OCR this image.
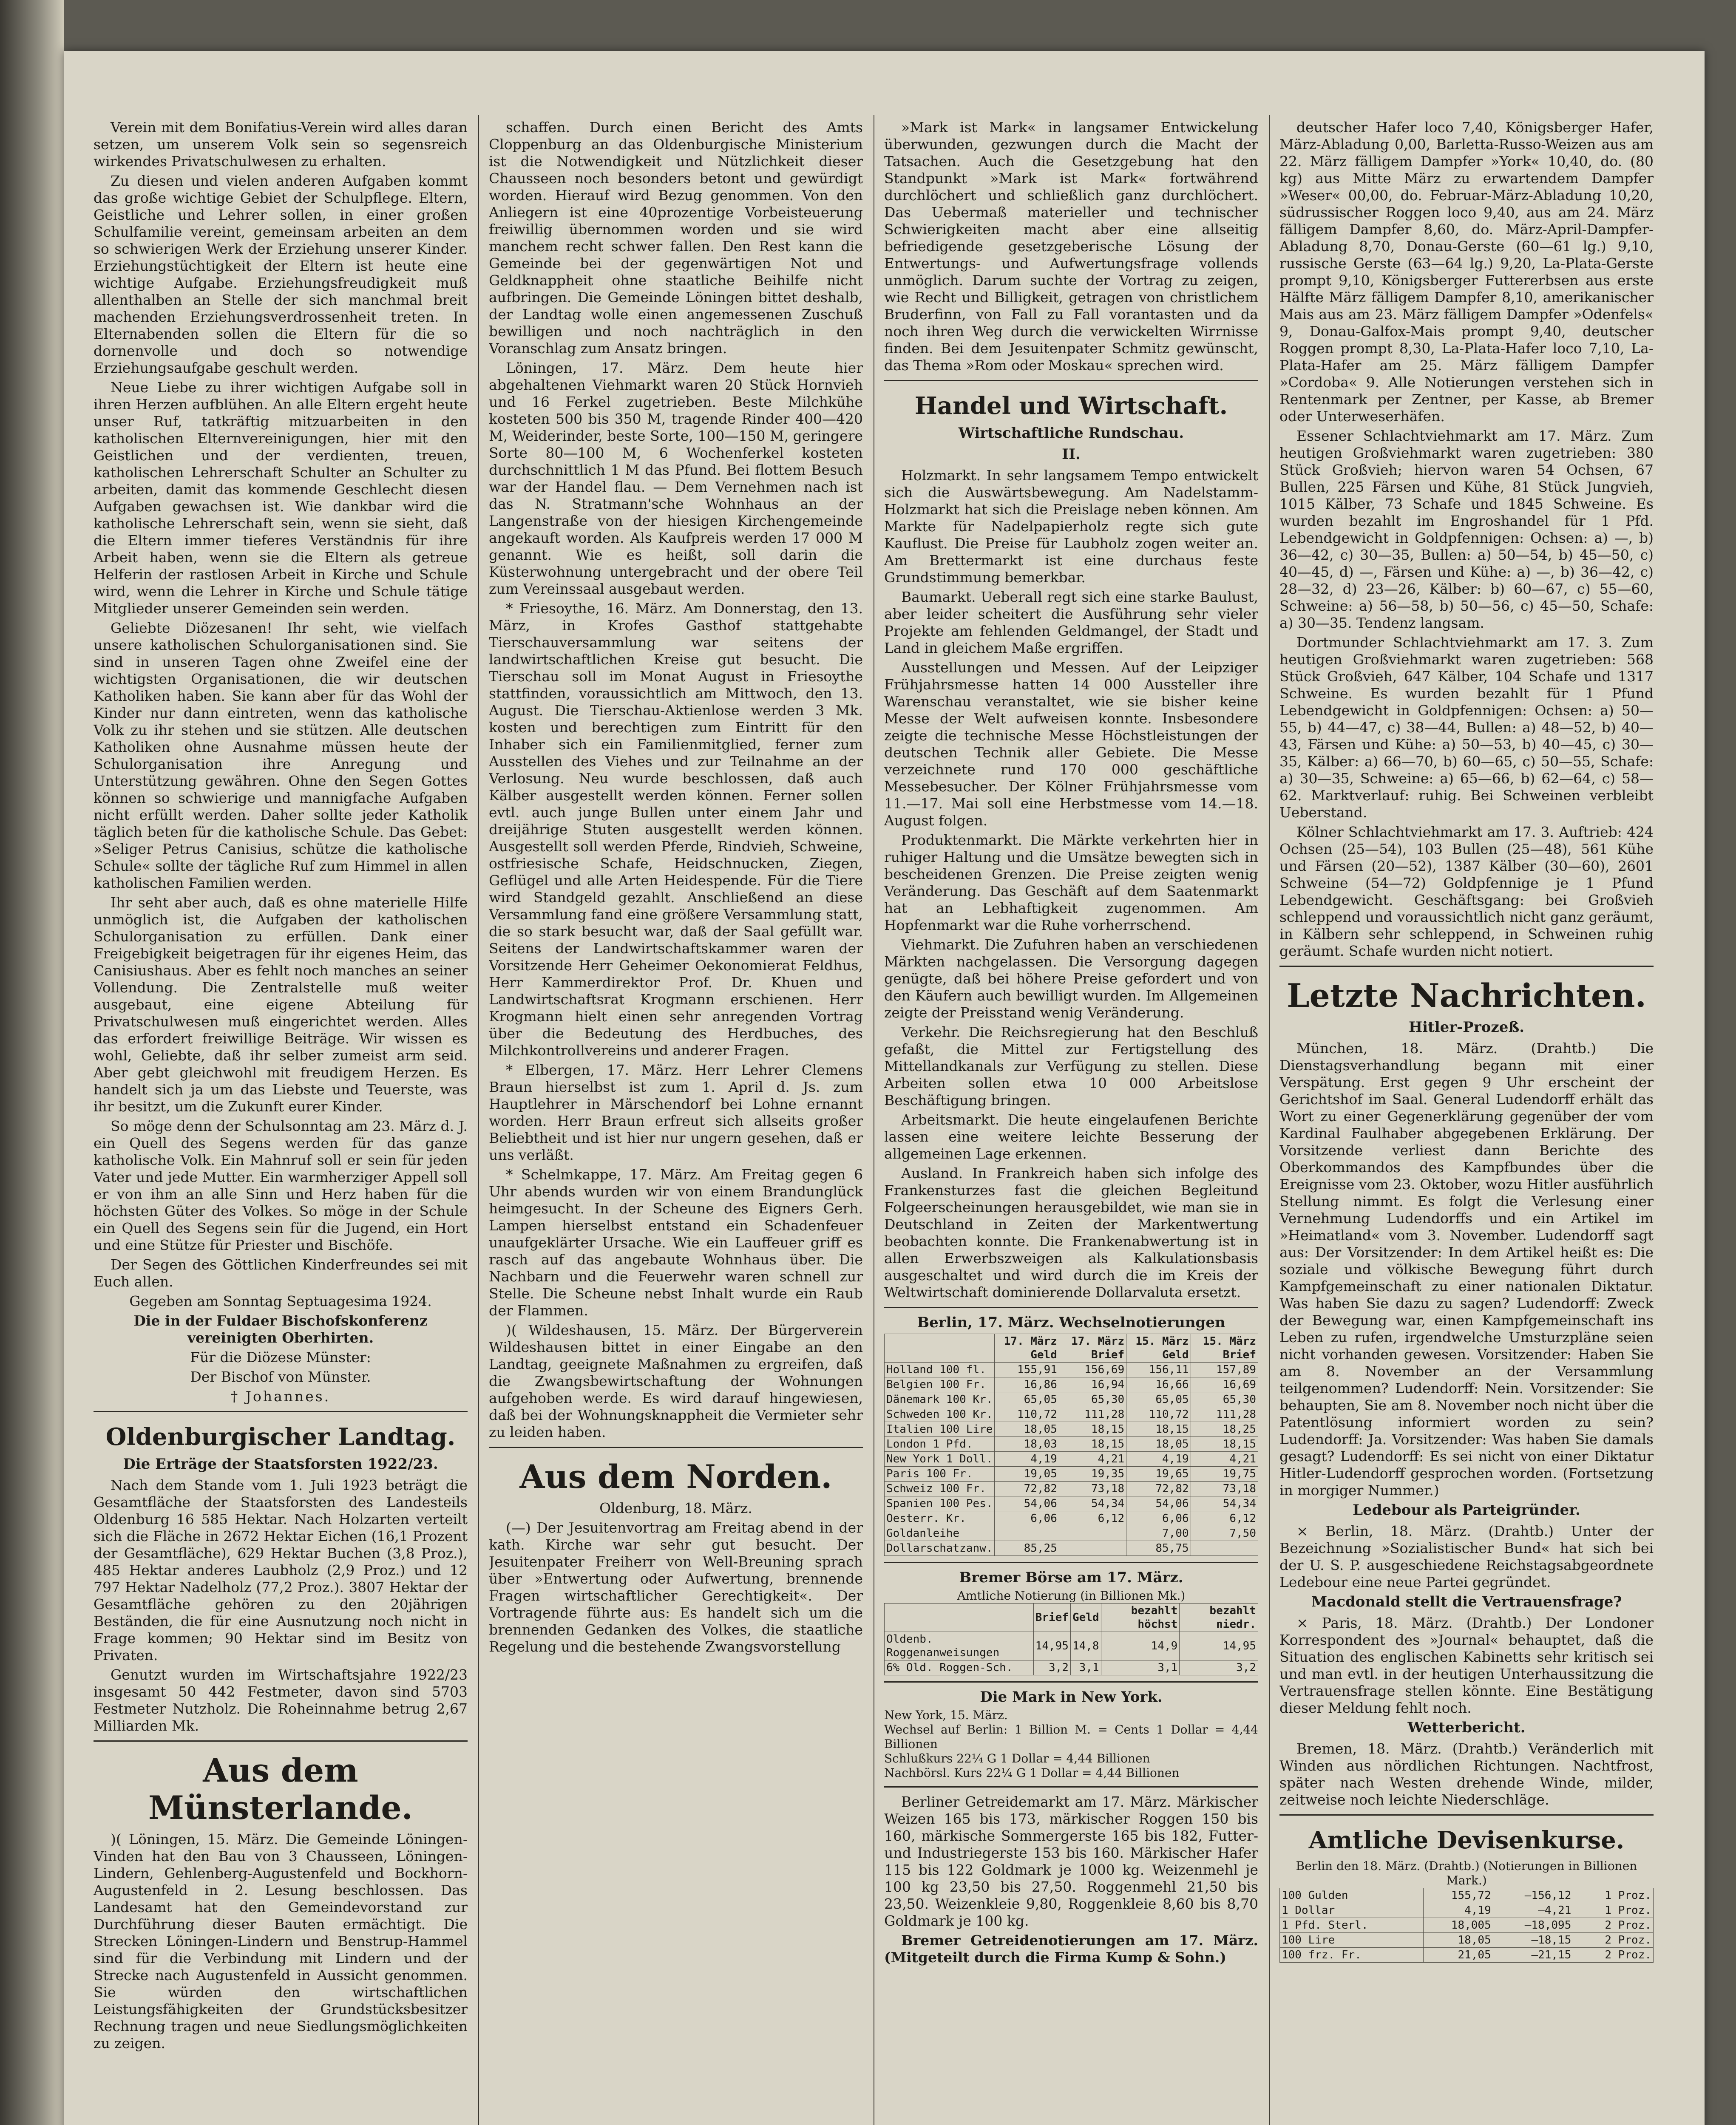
Verein mit dem Bonifatius-Verein wird alles daran setzen, um unserem Volk sein so segensreich wirkendes Privatschulwesen zu erhalten.

Zu diesen und vielen anderen Aufgaben kommt das große wichtige Gebiet der Schulpflege. Eltern, Geistliche und Lehrer sollen, in einer großen Schulfamilie vereint, gemeinsam arbeiten an dem so schwierigen Werk der Erziehung unserer Kinder. Erziehungstüchtigkeit der Eltern ist heute eine wichtige Aufgabe. Erziehungsfreudigkeit muß allenthalben an Stelle der sich manchmal breit machenden Erziehungsverdrossenheit treten. In Elternabenden sollen die Eltern für die so dornenvolle und doch so notwendige Erziehungsaufgabe geschult werden.

Neue Liebe zu ihrer wichtigen Aufgabe soll in ihren Herzen aufblühen. An alle Eltern ergeht heute unser Ruf, tatkräftig mitzuarbeiten in den katholischen Elternvereinigungen, hier mit den Geistlichen und der verdienten, treuen, katholischen Lehrerschaft Schulter an Schulter zu arbeiten, damit das kommende Geschlecht diesen Aufgaben gewachsen ist. Wie dankbar wird die katholische Lehrerschaft sein, wenn sie sieht, daß die Eltern immer tieferes Verständnis für ihre Arbeit haben, wenn sie die Eltern als getreue Helferin der rastlosen Arbeit in Kirche und Schule wird, wenn die Lehrer in Kirche und Schule tätige Mitglieder unserer Gemeinden sein werden.

Geliebte Diözesanen! Ihr seht, wie vielfach unsere katholischen Schulorganisationen sind. Sie sind in unseren Tagen ohne Zweifel eine der wichtigsten Organisationen, die wir deutschen Katholiken haben. Sie kann aber für das Wohl der Kinder nur dann eintreten, wenn das katholische Volk zu ihr stehen und sie stützen. Alle deutschen Katholiken ohne Ausnahme müssen heute der Schulorganisation ihre Anregung und Unterstützung gewähren. Ohne den Segen Gottes können so schwierige und mannigfache Aufgaben nicht erfüllt werden. Daher sollte jeder Katholik täglich beten für die katholische Schule. Das Gebet: »Seliger Petrus Canisius, schütze die katholische Schule« sollte der tägliche Ruf zum Himmel in allen katholischen Familien werden.

Ihr seht aber auch, daß es ohne materielle Hilfe unmöglich ist, die Aufgaben der katholischen Schulorganisation zu erfüllen. Dank einer Freigebigkeit beigetragen für ihr eigenes Heim, das Canisiushaus. Aber es fehlt noch manches an seiner Vollendung. Die Zentralstelle muß weiter ausgebaut, eine eigene Abteilung für Privatschulwesen muß eingerichtet werden. Alles das erfordert freiwillige Beiträge. Wir wissen es wohl, Geliebte, daß ihr selber zumeist arm seid. Aber gebt gleichwohl mit freudigem Herzen. Es handelt sich ja um das Liebste und Teuerste, was ihr besitzt, um die Zukunft eurer Kinder.

So möge denn der Schulsonntag am 23. März d. J. ein Quell des Segens werden für das ganze katholische Volk. Ein Mahnruf soll er sein für jeden Vater und jede Mutter. Ein warmherziger Appell soll er von ihm an alle Sinn und Herz haben für die höchsten Güter des Volkes. So möge in der Schule ein Quell des Segens sein für die Jugend, ein Hort und eine Stütze für Priester und Bischöfe.

Der Segen des Göttlichen Kinderfreundes sei mit Euch allen.

Gegeben am Sonntag Septuagesima 1924.

Die in der Fuldaer Bischofskonferenz vereinigten Oberhirten.

Für die Diözese Münster:

Der Bischof von Münster.

† Johannes.

Oldenburgischer Landtag.
Die Erträge der Staatsforsten 1922/23.

Nach dem Stande vom 1. Juli 1923 beträgt die Gesamtfläche der Staatsforsten des Landesteils Oldenburg 16 585 Hektar. Nach Holzarten verteilt sich die Fläche in 2672 Hektar Eichen (16,1 Prozent der Gesamtfläche), 629 Hektar Buchen (3,8 Proz.), 485 Hektar anderes Laubholz (2,9 Proz.) und 12 797 Hektar Nadelholz (77,2 Proz.). 3807 Hektar der Gesamtfläche gehören zu den 20jährigen Beständen, die für eine Ausnutzung noch nicht in Frage kommen; 90 Hektar sind im Besitz von Privaten.

Genutzt wurden im Wirtschaftsjahre 1922/23 insgesamt 50 442 Festmeter, davon sind 5703 Festmeter Nutzholz. Die Roheinnahme betrug 2,67 Milliarden Mk.

Aus dem Münsterlande.

)( Löningen, 15. März. Die Gemeinde Löningen-Vinden hat den Bau von 3 Chausseen, Löningen-Lindern, Gehlenberg-Augustenfeld und Bockhorn-Augustenfeld in 2. Lesung beschlossen. Das Landesamt hat den Gemeindevorstand zur Durchführung dieser Bauten ermächtigt. Die Strecken Löningen-Lindern und Benstrup-Hammel sind für die Verbindung mit Lindern und der Strecke nach Augustenfeld in Aussicht genommen. Sie würden den wirtschaftlichen Leistungsfähigkeiten der Grundstücksbesitzer Rechnung tragen und neue Siedlungsmöglichkeiten zu zeigen.

schaffen. Durch einen Bericht des Amts Cloppenburg an das Oldenburgische Ministerium ist die Notwendigkeit und Nützlichkeit dieser Chausseen noch besonders betont und gewürdigt worden. Hierauf wird Bezug genommen. Von den Anliegern ist eine 40prozentige Vorbeisteuerung freiwillig übernommen worden und sie wird manchem recht schwer fallen. Den Rest kann die Gemeinde bei der gegenwärtigen Not und Geldknappheit ohne staatliche Beihilfe nicht aufbringen. Die Gemeinde Löningen bittet deshalb, der Landtag wolle einen angemessenen Zuschuß bewilligen und noch nachträglich in den Voranschlag zum Ansatz bringen.

Löningen, 17. März. Dem heute hier abgehaltenen Viehmarkt waren 20 Stück Hornvieh und 16 Ferkel zugetrieben. Beste Milchkühe kosteten 500 bis 350 M, tragende Rinder 400—420 M, Weiderinder, beste Sorte, 100—150 M, geringere Sorte 80—100 M, 6 Wochenferkel kosteten durchschnittlich 1 M das Pfund. Bei flottem Besuch war der Handel flau. — Dem Vernehmen nach ist das N. Stratmann'sche Wohnhaus an der Langenstraße von der hiesigen Kirchengemeinde angekauft worden. Als Kaufpreis werden 17 000 M genannt. Wie es heißt, soll darin die Küsterwohnung untergebracht und der obere Teil zum Vereinssaal ausgebaut werden.

* Friesoythe, 16. März. Am Donnerstag, den 13. März, in Krofes Gasthof stattgehabte Tierschauversammlung war seitens der landwirtschaftlichen Kreise gut besucht. Die Tierschau soll im Monat August in Friesoythe stattfinden, voraussichtlich am Mittwoch, den 13. August. Die Tierschau-Aktienlose werden 3 Mk. kosten und berechtigen zum Eintritt für den Inhaber sich ein Familienmitglied, ferner zum Ausstellen des Viehes und zur Teilnahme an der Verlosung. Neu wurde beschlossen, daß auch Kälber ausgestellt werden können. Ferner sollen evtl. auch junge Bullen unter einem Jahr und dreijährige Stuten ausgestellt werden können. Ausgestellt soll werden Pferde, Rindvieh, Schweine, ostfriesische Schafe, Heidschnucken, Ziegen, Geflügel und alle Arten Heidespende. Für die Tiere wird Standgeld gezahlt. Anschließend an diese Versammlung fand eine größere Versammlung statt, die so stark besucht war, daß der Saal gefüllt war. Seitens der Landwirtschaftskammer waren der Vorsitzende Herr Geheimer Oekonomierat Feldhus, Herr Kammerdirektor Prof. Dr. Khuen und Landwirtschaftsrat Krogmann erschienen. Herr Krogmann hielt einen sehr anregenden Vortrag über die Bedeutung des Herdbuches, des Milchkontrollvereins und anderer Fragen.

* Elbergen, 17. März. Herr Lehrer Clemens Braun hierselbst ist zum 1. April d. Js. zum Hauptlehrer in Märschendorf bei Lohne ernannt worden. Herr Braun erfreut sich allseits großer Beliebtheit und ist hier nur ungern gesehen, daß er uns verläßt.

* Schelmkappe, 17. März. Am Freitag gegen 6 Uhr abends wurden wir von einem Brandunglück heimgesucht. In der Scheune des Eigners Gerh. Lampen hierselbst entstand ein Schadenfeuer unaufgeklärter Ursache. Wie ein Lauffeuer griff es rasch auf das angebaute Wohnhaus über. Die Nachbarn und die Feuerwehr waren schnell zur Stelle. Die Scheune nebst Inhalt wurde ein Raub der Flammen.

)( Wildeshausen, 15. März. Der Bürgerverein Wildeshausen bittet in einer Eingabe an den Landtag, geeignete Maßnahmen zu ergreifen, daß die Zwangsbewirtschaftung der Wohnungen aufgehoben werde. Es wird darauf hingewiesen, daß bei der Wohnungsknappheit die Vermieter sehr zu leiden haben.

Aus dem Norden.

Oldenburg, 18. März.

(—) Der Jesuitenvortrag am Freitag abend in der kath. Kirche war sehr gut besucht. Der Jesuitenpater Freiherr von Well-Breuning sprach über »Entwertung oder Aufwertung, brennende Fragen wirtschaftlicher Gerechtigkeit«. Der Vortragende führte aus: Es handelt sich um die brennenden Gedanken des Volkes, die staatliche Regelung und die bestehende Zwangsvorstellung

»Mark ist Mark« in langsamer Entwickelung überwunden, gezwungen durch die Macht der Tatsachen. Auch die Gesetzgebung hat den Standpunkt »Mark ist Mark« fortwährend durchlöchert und schließlich ganz durchlöchert. Das Uebermaß materieller und technischer Schwierigkeiten macht aber eine allseitig befriedigende gesetzgeberische Lösung der Entwertungs- und Aufwertungsfrage vollends unmöglich. Darum suchte der Vortrag zu zeigen, wie Recht und Billigkeit, getragen von christlichem Bruderfinn, von Fall zu Fall vorantasten und da noch ihren Weg durch die verwickelten Wirrnisse finden. Bei dem Jesuitenpater Schmitz gewünscht, das Thema »Rom oder Moskau« sprechen wird.

Handel und Wirtschaft.
Wirtschaftliche Rundschau.
II.

Holzmarkt. In sehr langsamem Tempo entwickelt sich die Auswärtsbewegung. Am Nadelstamm-Holzmarkt hat sich die Preislage neben können. Am Markte für Nadelpapierholz regte sich gute Kauflust. Die Preise für Laubholz zogen weiter an. Am Brettermarkt ist eine durchaus feste Grundstimmung bemerkbar.

Baumarkt. Ueberall regt sich eine starke Baulust, aber leider scheitert die Ausführung sehr vieler Projekte am fehlenden Geldmangel, der Stadt und Land in gleichem Maße ergriffen.

Ausstellungen und Messen. Auf der Leipziger Frühjahrsmesse hatten 14 000 Aussteller ihre Warenschau veranstaltet, wie sie bisher keine Messe der Welt aufweisen konnte. Insbesondere zeigte die technische Messe Höchstleistungen der deutschen Technik aller Gebiete. Die Messe verzeichnete rund 170 000 geschäftliche Messebesucher. Der Kölner Frühjahrsmesse vom 11.—17. Mai soll eine Herbstmesse vom 14.—18. August folgen.

Produktenmarkt. Die Märkte verkehrten hier in ruhiger Haltung und die Umsätze bewegten sich in bescheidenen Grenzen. Die Preise zeigten wenig Veränderung. Das Geschäft auf dem Saatenmarkt hat an Lebhaftigkeit zugenommen. Am Hopfenmarkt war die Ruhe vorherrschend.

Viehmarkt. Die Zufuhren haben an verschiedenen Märkten nachgelassen. Die Versorgung dagegen genügte, daß bei höhere Preise gefordert und von den Käufern auch bewilligt wurden. Im Allgemeinen zeigte der Preisstand wenig Veränderung.

Verkehr. Die Reichsregierung hat den Beschluß gefaßt, die Mittel zur Fertigstellung des Mittellandkanals zur Verfügung zu stellen. Diese Arbeiten sollen etwa 10 000 Arbeitslose Beschäftigung bringen.

Arbeitsmarkt. Die heute eingelaufenen Berichte lassen eine weitere leichte Besserung der allgemeinen Lage erkennen.

Ausland. In Frankreich haben sich infolge des Frankensturzes fast die gleichen Begleitund Folgeerscheinungen herausgebildet, wie man sie in Deutschland in Zeiten der Markentwertung beobachten konnte. Die Frankenabwertung ist in allen Erwerbszweigen als Kalkulationsbasis ausgeschaltet und wird durch die im Kreis der Weltwirtschaft dominierende Dollarvaluta ersetzt.

Berlin, 17. März. Wechselnotierungen
	17. März Geld	17. März Brief	15. März Geld	15. März Brief
Holland 100 fl.	155,91	156,69	156,11	157,89
Belgien 100 Fr.	16,86	16,94	16,66	16,69
Dänemark 100 Kr.	65,05	65,30	65,05	65,30
Schweden 100 Kr.	110,72	111,28	110,72	111,28
Italien 100 Lire	18,05	18,15	18,15	18,25
London 1 Pfd.	18,03	18,15	18,05	18,15
New York 1 Doll.	4,19	4,21	4,19	4,21
Paris 100 Fr.	19,05	19,35	19,65	19,75
Schweiz 100 Fr.	72,82	73,18	72,82	73,18
Spanien 100 Pes.	54,06	54,34	54,06	54,34
Oesterr. Kr.	6,06	6,12	6,06	6,12
Goldanleihe			7,00	7,50
Dollarschatzanw.	85,25		85,75	
Bremer Börse am 17. März.
Amtliche Notierung (in Billionen Mk.)
	Brief	Geld	bezahlt höchst	bezahlt niedr.
Oldenb. Roggenanweisungen	14,95	14,8	14,9	14,95
6% Old. Roggen-Sch.	3,2	3,1	3,1	3,2
Die Mark in New York.
New York, 15. März.
Wechsel auf Berlin: 1 Billion M. = Cents 1 Dollar = 4,44 Billionen
Schlußkurs 22¼ G 1 Dollar = 4,44 Billionen
Nachbörsl. Kurs 22¼ G 1 Dollar = 4,44 Billionen

Berliner Getreidemarkt am 17. März. Märkischer Weizen 165 bis 173, märkischer Roggen 150 bis 160, märkische Sommergerste 165 bis 182, Futter- und Industriegerste 153 bis 160. Märkischer Hafer 115 bis 122 Goldmark je 1000 kg. Weizenmehl je 100 kg 23,50 bis 27,50. Roggenmehl 21,50 bis 23,50. Weizenkleie 9,80, Roggenkleie 8,60 bis 8,70 Goldmark je 100 kg.

Bremer Getreidenotierungen am 17. März. (Mitgeteilt durch die Firma Kump & Sohn.)

deutscher Hafer loco 7,40, Königsberger Hafer, März-Abladung 0,00, Barletta-Russo-Weizen aus am 22. März fälligem Dampfer »York« 10,40, do. (80 kg) aus Mitte März zu erwartendem Dampfer »Weser« 00,00, do. Februar-März-Abladung 10,20, südrussischer Roggen loco 9,40, aus am 24. März fälligem Dampfer 8,60, do. März-April-Dampfer-Abladung 8,70, Donau-Gerste (60—61 lg.) 9,10, russische Gerste (63—64 lg.) 9,20, La-Plata-Gerste prompt 9,10, Königsberger Futtererbsen aus erste Hälfte März fälligem Dampfer 8,10, amerikanischer Mais aus am 23. März fälligem Dampfer »Odenfels« 9, Donau-Galfox-Mais prompt 9,40, deutscher Roggen prompt 8,30, La-Plata-Hafer loco 7,10, La-Plata-Hafer am 25. März fälligem Dampfer »Cordoba« 9. Alle Notierungen verstehen sich in Rentenmark per Zentner, per Kasse, ab Bremer oder Unterweserhäfen.

Essener Schlachtviehmarkt am 17. März. Zum heutigen Großviehmarkt waren zugetrieben: 380 Stück Großvieh; hiervon waren 54 Ochsen, 67 Bullen, 225 Färsen und Kühe, 81 Stück Jungvieh, 1015 Kälber, 73 Schafe und 1845 Schweine. Es wurden bezahlt im Engroshandel für 1 Pfd. Lebendgewicht in Goldpfennigen: Ochsen: a) —, b) 36—42, c) 30—35, Bullen: a) 50—54, b) 45—50, c) 40—45, d) —, Färsen und Kühe: a) —, b) 36—42, c) 28—32, d) 23—26, Kälber: b) 60—67, c) 55—60, Schweine: a) 56—58, b) 50—56, c) 45—50, Schafe: a) 30—35. Tendenz langsam.

Dortmunder Schlachtviehmarkt am 17. 3. Zum heutigen Großviehmarkt waren zugetrieben: 568 Stück Großvieh, 647 Kälber, 104 Schafe und 1317 Schweine. Es wurden bezahlt für 1 Pfund Lebendgewicht in Goldpfennigen: Ochsen: a) 50—55, b) 44—47, c) 38—44, Bullen: a) 48—52, b) 40—43, Färsen und Kühe: a) 50—53, b) 40—45, c) 30—35, Kälber: a) 66—70, b) 60—65, c) 50—55, Schafe: a) 30—35, Schweine: a) 65—66, b) 62—64, c) 58—62. Marktverlauf: ruhig. Bei Schweinen verbleibt Ueberstand.

Kölner Schlachtviehmarkt am 17. 3. Auftrieb: 424 Ochsen (25—54), 103 Bullen (25—48), 561 Kühe und Färsen (20—52), 1387 Kälber (30—60), 2601 Schweine (54—72) Goldpfennige je 1 Pfund Lebendgewicht. Geschäftsgang: bei Großvieh schleppend und voraussichtlich nicht ganz geräumt, in Kälbern sehr schleppend, in Schweinen ruhig geräumt. Schafe wurden nicht notiert.

Letzte Nachrichten.
Hitler-Prozeß.

München, 18. März. (Drahtb.) Die Dienstagsverhandlung begann mit einer Verspätung. Erst gegen 9 Uhr erscheint der Gerichtshof im Saal. General Ludendorff erhält das Wort zu einer Gegenerklärung gegenüber der vom Kardinal Faulhaber abgegebenen Erklärung. Der Vorsitzende verliest dann Berichte des Oberkommandos des Kampfbundes über die Ereignisse vom 23. Oktober, wozu Hitler ausführlich Stellung nimmt. Es folgt die Verlesung einer Vernehmung Ludendorffs und ein Artikel im »Heimatland« vom 3. November. Ludendorff sagt aus: Der Vorsitzender: In dem Artikel heißt es: Die soziale und völkische Bewegung führt durch Kampfgemeinschaft zu einer nationalen Diktatur. Was haben Sie dazu zu sagen? Ludendorff: Zweck der Bewegung war, einen Kampfgemeinschaft ins Leben zu rufen, irgendwelche Umsturzpläne seien nicht vorhanden gewesen. Vorsitzender: Haben Sie am 8. November an der Versammlung teilgenommen? Ludendorff: Nein. Vorsitzender: Sie behaupten, Sie am 8. November noch nicht über die Patentlösung informiert worden zu sein? Ludendorff: Ja. Vorsitzender: Was haben Sie damals gesagt? Ludendorff: Es sei nicht von einer Diktatur Hitler-Ludendorff gesprochen worden. (Fortsetzung in morgiger Nummer.)

Ledebour als Parteigründer.

× Berlin, 18. März. (Drahtb.) Unter der Bezeichnung »Sozialistischer Bund« hat sich bei der U. S. P. ausgeschiedene Reichstagsabgeordnete Ledebour eine neue Partei gegründet.

Macdonald stellt die Vertrauensfrage?

× Paris, 18. März. (Drahtb.) Der Londoner Korrespondent des »Journal« behauptet, daß die Situation des englischen Kabinetts sehr kritisch sei und man evtl. in der heutigen Unterhaussitzung die Vertrauensfrage stellen könnte. Eine Bestätigung dieser Meldung fehlt noch.

Wetterbericht.

Bremen, 18. März. (Drahtb.) Veränderlich mit Winden aus nördlichen Richtungen. Nachtfrost, später nach Westen drehende Winde, milder, zeitweise noch leichte Niederschläge.

Amtliche Devisenkurse.
Berlin den 18. März. (Drahtb.) (Notierungen in Billionen Mark.)
100 Gulden	155,72	—156,12	1 Proz.
1 Dollar	4,19	—4,21	1 Proz.
1 Pfd. Sterl.	18,005	—18,095	2 Proz.
100 Lire	18,05	—18,15	2 Proz.
100 frz. Fr.	21,05	—21,15	2 Proz.
